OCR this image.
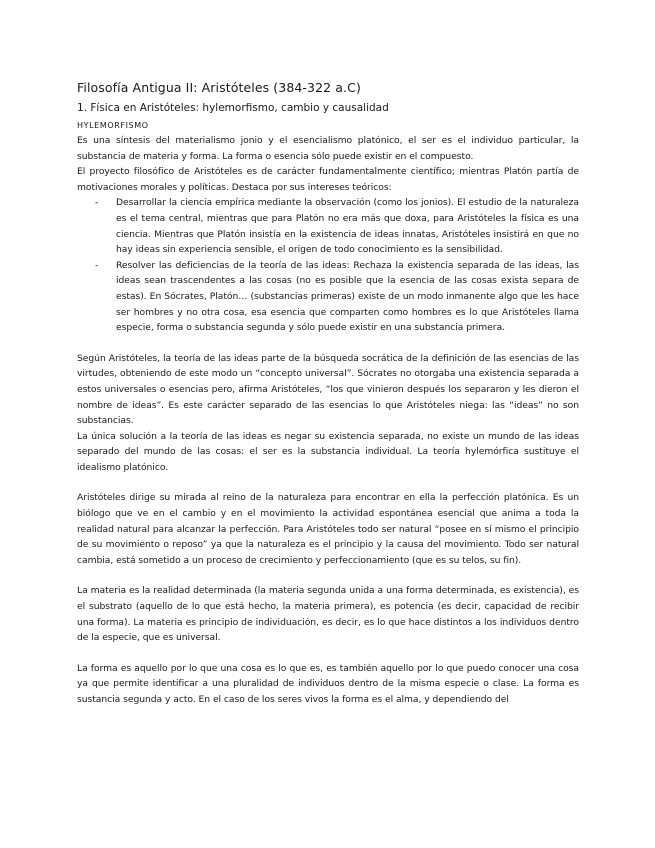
Filosofía Antigua II: Aristóteles (384-322 a.C)
1. Física en Aristóteles: hylemorfismo, cambio y causalidad
HYLEMORFISMO

Es una síntesis del materialismo jonio y el esencialismo platónico, el ser es el individuo particular, la substancia de materia y forma. La forma o esencia sólo puede existir en el compuesto.

El proyecto filosófico de Aristóteles es de carácter fundamentalmente científico; mientras Platón partía de motivaciones morales y políticas. Destaca por sus intereses teóricos:

- Desarrollar la ciencia empírica mediante la observación (como los jonios). El estudio de la naturaleza es el tema central, mientras que para Platón no era más que doxa, para Aristóteles la física es una ciencia. Mientras que Platón insistía en la existencia de ideas innatas, Aristóteles insistirá en que no hay ideas sin experiencia sensible, el origen de todo conocimiento es la sensibilidad.
- Resolver las deficiencias de la teoría de las ideas: Rechaza la existencia separada de las ideas, las ideas sean trascendentes a las cosas (no es posible que la esencia de las cosas exista separa de estas). En Sócrates, Platón… (substancias primeras) existe de un modo inmanente algo que les hace ser hombres y no otra cosa, esa esencia que comparten como hombres es lo que Aristóteles llama especie, forma o substancia segunda y sólo puede existir en una substancia primera.

Según Aristóteles, la teoría de las ideas parte de la búsqueda socrática de la definición de las esencias de las virtudes, obteniendo de este modo un “concepto universal”. Sócrates no otorgaba una existencia separada a estos universales o esencias pero, afirma Aristóteles, “los que vinieron después los separaron y les dieron el nombre de ideas”. Es este carácter separado de las esencias lo que Aristóteles niega: las “ideas” no son substancias.

La única solución a la teoría de las ideas es negar su existencia separada, no existe un mundo de las ideas separado del mundo de las cosas: el ser es la substancia individual. La teoría hylemórfica sustituye el idealismo platónico.

Aristóteles dirige su mirada al reino de la naturaleza para encontrar en ella la perfección platónica. Es un biólogo que ve en el cambio y en el movimiento la actividad espontánea esencial que anima a toda la realidad natural para alcanzar la perfección. Para Aristóteles todo ser natural “posee en sí mismo el principio de su movimiento o reposo” ya que la naturaleza es el principio y la causa del movimiento. Todo ser natural cambia, está sometido a un proceso de crecimiento y perfeccionamiento (que es su telos, su fin).

La materia es la realidad determinada (la materia segunda unida a una forma determinada, es existencia), es el substrato (aquello de lo que está hecho, la materia primera), es potencia (es decir, capacidad de recibir una forma). La materia es principio de individuación, es decir, es lo que hace distintos a los individuos dentro de la especie, que es universal.

La forma es aquello por lo que una cosa es lo que es, es también aquello por lo que puedo conocer una cosa ya que permite identificar a una pluralidad de individuos dentro de la misma especie o clase. La forma es sustancia segunda y acto. En el caso de los seres vivos la forma es el alma, y dependiendo del
